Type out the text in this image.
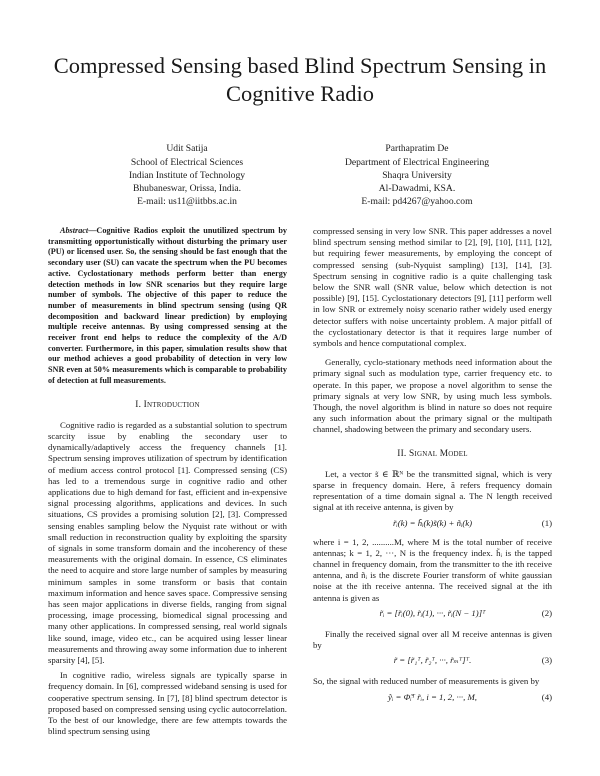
Compressed Sensing based Blind Spectrum Sensing in Cognitive Radio
Udit Satija
School of Electrical Sciences
Indian Institute of Technology
Bhubaneswar, Orissa, India.
E-mail: us11@iitbbs.ac.in
Parthapratim De
Department of Electrical Engineering
Shaqra University
Al-Dawadmi, KSA.
E-mail: pd4267@yahoo.com

Abstract—Cognitive Radios exploit the unutilized spectrum by transmitting opportunistically without disturbing the primary user (PU) or licensed user. So, the sensing should be fast enough that the secondary user (SU) can vacate the spectrum when the PU becomes active. Cyclostationary methods perform better than energy detection methods in low SNR scenarios but they require large number of symbols. The objective of this paper to reduce the number of measurements in blind spectrum sensing (using QR decomposition and backward linear prediction) by employing multiple receive antennas. By using compressed sensing at the receiver front end helps to reduce the complexity of the A/D converter. Furthermore, in this paper, simulation results show that our method achieves a good probability of detection in very low SNR even at 50% measurements which is comparable to probability of detection at full measurements.

I. Introduction

Cognitive radio is regarded as a substantial solution to spectrum scarcity issue by enabling the secondary user to dynamically/adaptively access the frequency channels [1]. Spectrum sensing improves utilization of spectrum by identification of medium access control protocol [1]. Compressed sensing (CS) has led to a tremendous surge in cognitive radio and other applications due to high demand for fast, efficient and in-expensive signal processing algorithms, applications and devices. In such situations, CS provides a promising solution [2], [3]. Compressed sensing enables sampling below the Nyquist rate without or with small reduction in reconstruction quality by exploiting the sparsity of signals in some transform domain and the incoherency of these measurements with the original domain. In essence, CS eliminates the need to acquire and store large number of samples by measuring minimum samples in some transform or basis that contain maximum information and hence saves space. Compressive sensing has seen major applications in diverse fields, ranging from signal processing, image processing, biomedical signal processing and many other applications. In compressed sensing, real world signals like sound, image, video etc., can be acquired using lesser linear measurements and throwing away some information due to inherent sparsity [4], [5].

In cognitive radio, wireless signals are typically sparse in frequency domain. In [6], compressed wideband sensing is used for cooperative spectrum sensing. In [7], [8] blind spectrum detector is proposed based on compressed sensing using cyclic autocorrelation. To the best of our knowledge, there are few attempts towards the blind spectrum sensing using

compressed sensing in very low SNR. This paper addresses a novel blind spectrum sensing method similar to [2], [9], [10], [11], [12], but requiring fewer measurements, by employing the concept of compressed sensing (sub-Nyquist sampling) [13], [14], [3]. Spectrum sensing in cognitive radio is a quite challenging task below the SNR wall (SNR value, below which detection is not possible) [9], [15]. Cyclostationary detectors [9], [11] perform well in low SNR or extremely noisy scenario rather widely used energy detector suffers with noise uncertainty problem. A major pitfall of the cyclostationary detector is that it requires large number of symbols and hence computational complex.

Generally, cyclo-stationary methods need information about the primary signal such as modulation type, carrier frequency etc. to operate. In this paper, we propose a novel algorithm to sense the primary signals at very low SNR, by using much less symbols. Though, the novel algorithm is blind in nature so does not require any such information about the primary signal or the multipath channel, shadowing between the primary and secondary users.

II. Signal Model

Let, a vector s̃ ∈ ℝᴺ be the transmitted signal, which is very sparse in frequency domain. Here, ã refers frequency domain representation of a time domain signal a. The N length received signal at ith receive antenna, is given by

r̃ᵢ(k) = h̃ᵢ(k)s̃(k) + ñᵢ(k)	(1)

where i = 1, 2, ..........M, where M is the total number of receive antennas; k = 1, 2, ···, N is the frequency index. h̃ᵢ is the tapped channel in frequency domain, from the transmitter to the ith receive antenna, and ñᵢ is the discrete Fourier transform of white gaussian noise at the ith receive antenna. The received signal at the ith antenna is given as

r̃ᵢ = [r̃ᵢ(0), r̃ᵢ(1), ···, r̃ᵢ(N − 1)]ᵀ	(2)

Finally the received signal over all M receive antennas is given by

r̃ = [r̃₁ᵀ, r̃₂ᵀ, ···, r̃ₘᵀ]ᵀ.	(3)

So, the signal with reduced number of measurements is given by

ỹᵢ = Φ̃ᵢᵀ r̃ᵢ, i = 1, 2, ···, M,	(4)
